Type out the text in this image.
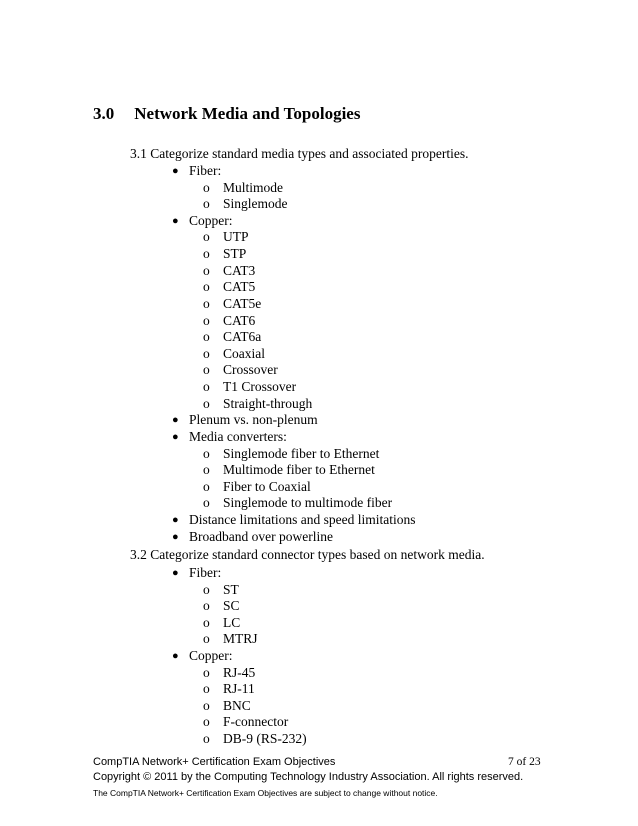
3.0 Network Media and Topologies
3.1 Categorize standard media types and associated properties.
● Fiber:
o Multimode
o Singlemode
● Copper:
o UTP
o STP
o CAT3
o CAT5
o CAT5e
o CAT6
o CAT6a
o Coaxial
o Crossover
o T1 Crossover
o Straight-through
● Plenum vs. non-plenum
● Media converters:
o Singlemode fiber to Ethernet
o Multimode fiber to Ethernet
o Fiber to Coaxial
o Singlemode to multimode fiber
● Distance limitations and speed limitations
● Broadband over powerline
3.2 Categorize standard connector types based on network media.
● Fiber:
o ST
o SC
o LC
o MTRJ
● Copper:
o RJ-45
o RJ-11
o BNC
o F-connector
o DB-9 (RS-232)
CompTIA Network+ Certification Exam Objectives	7 of 23
Copyright © 2011 by the Computing Technology Industry Association. All rights reserved.
The CompTIA Network+ Certification Exam Objectives are subject to change without notice.
